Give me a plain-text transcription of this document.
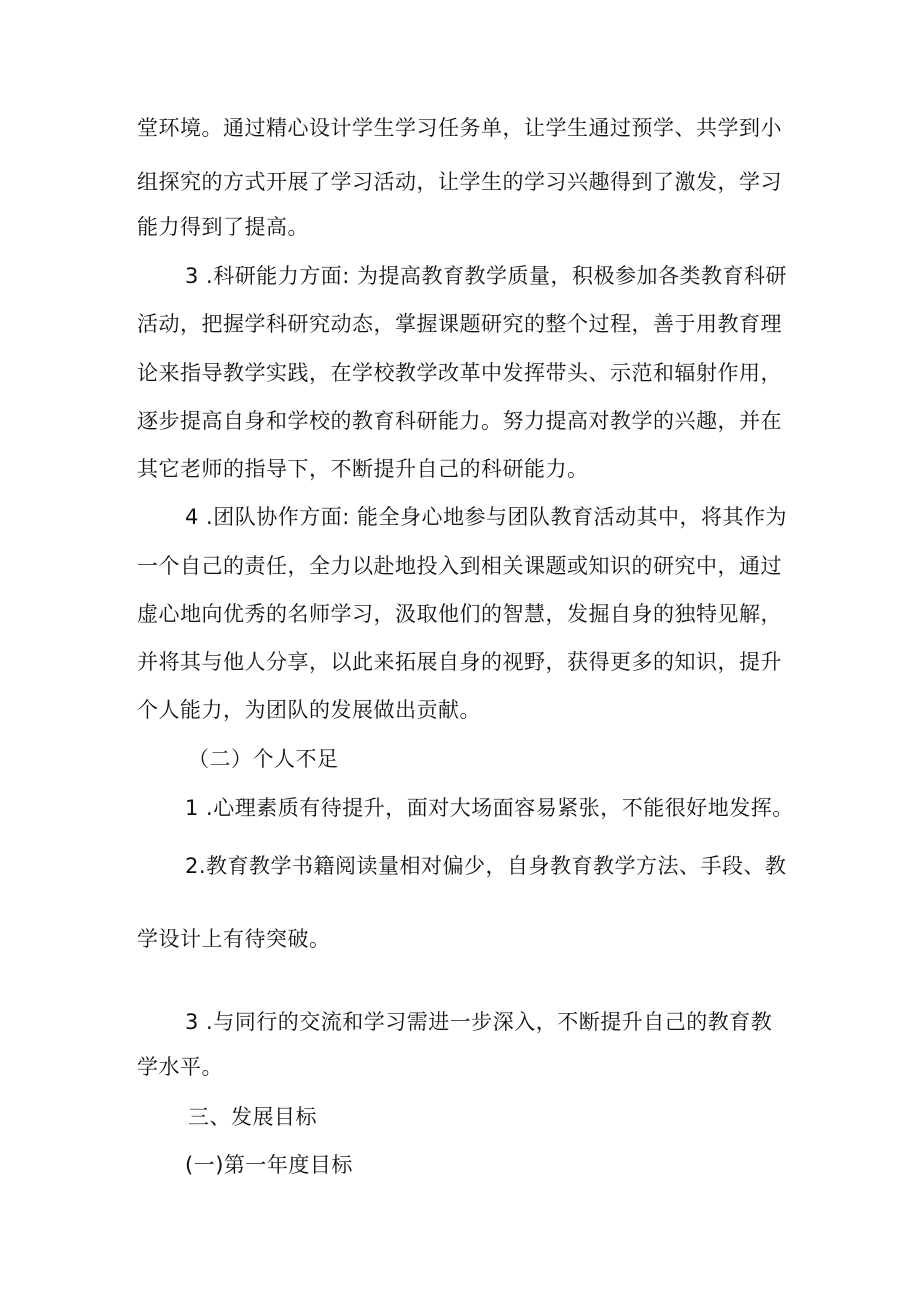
堂环境。通过精心设计学生学习任务单，让学生通过预学、共学到小
组探究的方式开展了学习活动，让学生的学习兴趣得到了激发，学习
能力得到了提高。
3 .科研能力方面: 为提高教育教学质量，积极参加各类教育科研
活动，把握学科研究动态，掌握课题研究的整个过程，善于用教育理
论来指导教学实践，在学校教学改革中发挥带头、示范和辐射作用，
逐步提高自身和学校的教育科研能力。努力提高对教学的兴趣，并在
其它老师的指导下，不断提升自己的科研能力。
4 .团队协作方面: 能全身心地参与团队教育活动其中，将其作为
一个自己的责任，全力以赴地投入到相关课题或知识的研究中，通过
虚心地向优秀的名师学习，汲取他们的智慧，发掘自身的独特见解，
并将其与他人分享，以此来拓展自身的视野，获得更多的知识，提升
个人能力，为团队的发展做出贡献。
（二）个人不足
1 .心理素质有待提升，面对大场面容易紧张，不能很好地发挥。
2.教育教学书籍阅读量相对偏少，自身教育教学方法、手段、教
学设计上有待突破。
3 .与同行的交流和学习需进一步深入，不断提升自己的教育教
学水平。
三、发展目标
(一)第一年度目标
